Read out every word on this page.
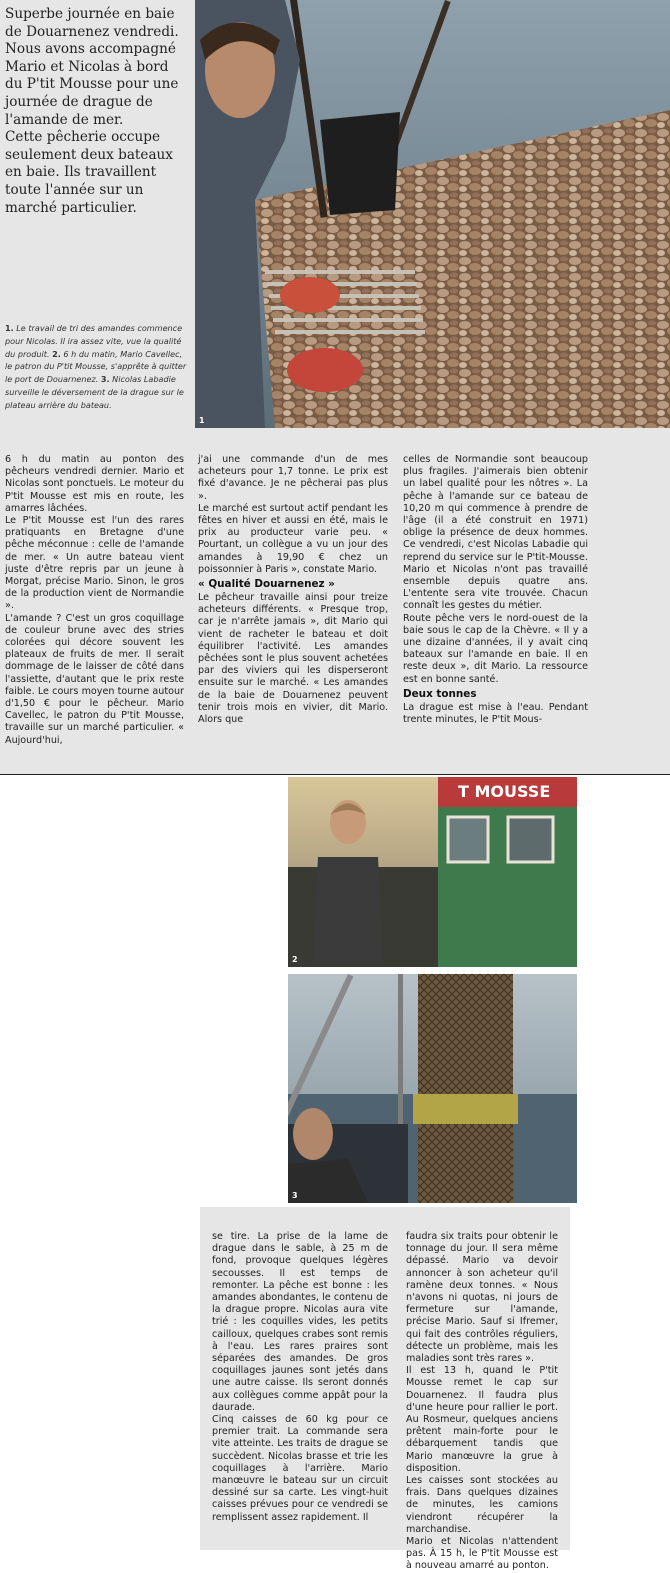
Superbe journée en baie de Douarnenez vendredi. Nous avons accompagné Mario et Nicolas à bord du P'tit Mousse pour une journée de drague de l'amande de mer.

Cette pêcherie occupe seulement deux bateaux en baie. Ils travaillent toute l'année sur un marché particulier.

1. Le travail de tri des amandes commence pour Nicolas. Il ira assez vite, vue la qualité du produit. 2. 6 h du matin, Mario Cavellec, le patron du P'tit Mousse, s'apprête à quitter le port de Douarnenez. 3. Nicolas Labadie surveille le déversement de la drague sur le plateau arrière du bateau.
1

6 h du matin au ponton des pêcheurs vendredi dernier. Mario et Nicolas sont ponctuels. Le moteur du P'tit Mousse est mis en route, les amarres lâchées.

Le P'tit Mousse est l'un des rares pratiquants en Bretagne d'une pêche méconnue : celle de l'amande de mer. « Un autre bateau vient juste d'être repris par un jeune à Morgat, précise Mario. Sinon, le gros de la production vient de Normandie ».

L'amande ? C'est un gros coquillage de couleur brune avec des stries colorées qui décore souvent les plateaux de fruits de mer. Il serait dommage de le laisser de côté dans l'assiette, d'autant que le prix reste faible. Le cours moyen tourne autour d'1,50 € pour le pêcheur. Mario Cavellec, le patron du P'tit Mousse, travaille sur un marché particulier. « Aujourd'hui,

j'ai une commande d'un de mes acheteurs pour 1,7 tonne. Le prix est fixé d'avance. Je ne pêcherai pas plus ».

Le marché est surtout actif pendant les fêtes en hiver et aussi en été, mais le prix au producteur varie peu. « Pourtant, un collègue a vu un jour des amandes à 19,90 € chez un poissonnier à Paris », constate Mario.

« Qualité Douarnenez »

Le pêcheur travaille ainsi pour treize acheteurs différents. « Presque trop, car je n'arrête jamais », dit Mario qui vient de racheter le bateau et doit équilibrer l'activité. Les amandes pêchées sont le plus souvent achetées par des viviers qui les disperseront ensuite sur le marché. « Les amandes de la baie de Douarnenez peuvent tenir trois mois en vivier, dit Mario. Alors que

celles de Normandie sont beaucoup plus fragiles. J'aimerais bien obtenir un label qualité pour les nôtres ». La pêche à l'amande sur ce bateau de 10,20 m qui commence à prendre de l'âge (il a été construit en 1971) oblige la présence de deux hommes. Ce vendredi, c'est Nicolas Labadie qui reprend du service sur le P'tit-Mousse. Mario et Nicolas n'ont pas travaillé ensemble depuis quatre ans. L'entente sera vite trouvée. Chacun connaît les gestes du métier.

Route pêche vers le nord-ouest de la baie sous le cap de la Chèvre. « Il y a une dizaine d'années, il y avait cinq bateaux sur l'amande en baie. Il en reste deux », dit Mario. La ressource est en bonne santé.

Deux tonnes

La drague est mise à l'eau. Pendant trente minutes, le P'tit Mous-

T MOUSSE
2
3

se tire. La prise de la lame de drague dans le sable, à 25 m de fond, provoque quelques légères secousses. Il est temps de remonter. La pêche est bonne : les amandes abondantes, le contenu de la drague propre. Nicolas aura vite trié : les coquilles vides, les petits cailloux, quelques crabes sont remis à l'eau. Les rares praires sont séparées des amandes. De gros coquillages jaunes sont jetés dans une autre caisse. Ils seront donnés aux collègues comme appât pour la daurade.

Cinq caisses de 60 kg pour ce premier trait. La commande sera vite atteinte. Les traits de drague se succèdent. Nicolas brasse et trie les coquillages à l'arrière. Mario manœuvre le bateau sur un circuit dessiné sur sa carte. Les vingt-huit caisses prévues pour ce vendredi se remplissent assez rapidement. Il

faudra six traits pour obtenir le tonnage du jour. Il sera même dépassé. Mario va devoir annoncer à son acheteur qu'il ramène deux tonnes. « Nous n'avons ni quotas, ni jours de fermeture sur l'amande, précise Mario. Sauf si Ifremer, qui fait des contrôles réguliers, détecte un problème, mais les maladies sont très rares ».

Il est 13 h, quand le P'tit Mousse remet le cap sur Douarnenez. Il faudra plus d'une heure pour rallier le port. Au Rosmeur, quelques anciens prêtent main-forte pour le débarquement tandis que Mario manœuvre la grue à disposition.

Les caisses sont stockées au frais. Dans quelques dizaines de minutes, les camions viendront récupérer la marchandise.

Mario et Nicolas n'attendent pas. À 15 h, le P'tit Mousse est à nouveau amarré au ponton.
